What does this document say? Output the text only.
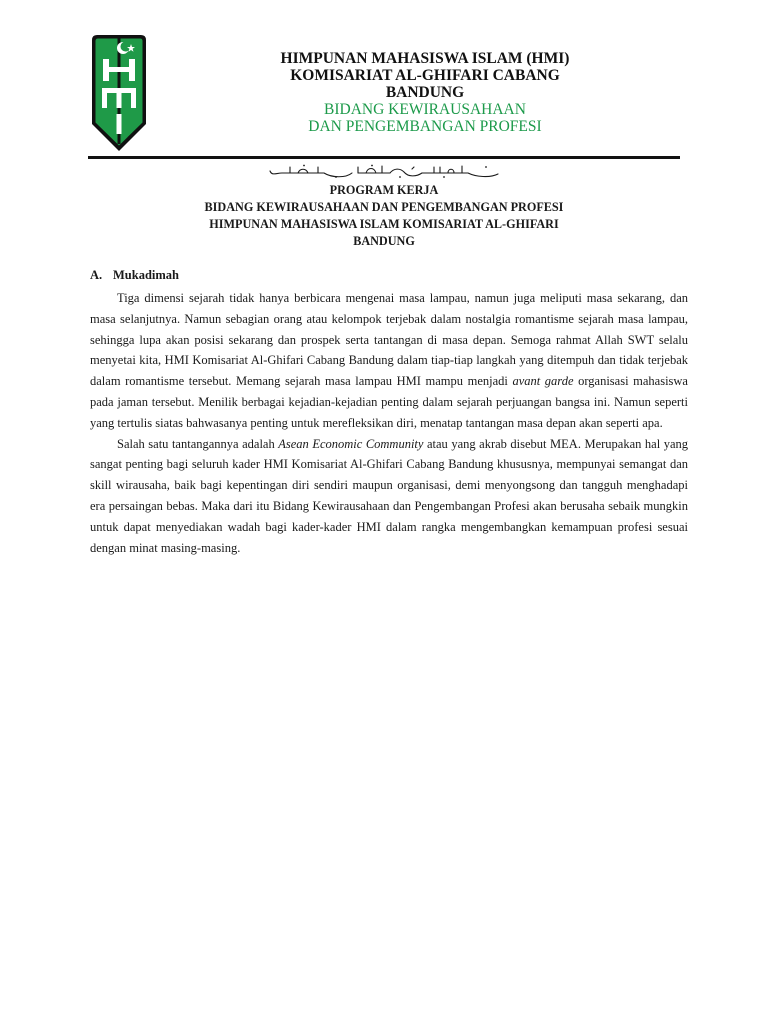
HIMPUNAN MAHASISWA ISLAM (HMI)
KOMISARIAT AL-GHIFARI CABANG
BANDUNG
BIDANG KEWIRAUSAHAAN
DAN PENGEMBANGAN PROFESI
PROGRAM KERJA
BIDANG KEWIRAUSAHAAN DAN PENGEMBANGAN PROFESI
HIMPUNAN MAHASISWA ISLAM KOMISARIAT AL-GHIFARI
BANDUNG
A. Mukadimah

Tiga dimensi sejarah tidak hanya berbicara mengenai masa lampau, namun juga meliputi masa sekarang, dan masa selanjutnya. Namun sebagian orang atau kelompok terjebak dalam nostalgia romantisme sejarah masa lampau, sehingga lupa akan posisi sekarang dan prospek serta tantangan di masa depan. Semoga rahmat Allah SWT selalu menyetai kita, HMI Komisariat Al-Ghifari Cabang Bandung dalam tiap-tiap langkah yang ditempuh dan tidak terjebak dalam romantisme tersebut. Memang sejarah masa lampau HMI mampu menjadi avant garde organisasi mahasiswa pada jaman tersebut. Menilik berbagai kejadian-kejadian penting dalam sejarah perjuangan bangsa ini. Namun seperti yang tertulis siatas bahwasanya penting untuk merefleksikan diri, menatap tantangan masa depan akan seperti apa.

Salah satu tantangannya adalah Asean Economic Community atau yang akrab disebut MEA. Merupakan hal yang sangat penting bagi seluruh kader HMI Komisariat Al-Ghifari Cabang Bandung khususnya, mempunyai semangat dan skill wirausaha, baik bagi kepentingan diri sendiri maupun organisasi, demi menyongsong dan tangguh menghadapi era persaingan bebas. Maka dari itu Bidang Kewirausahaan dan Pengembangan Profesi akan berusaha sebaik mungkin untuk dapat menyediakan wadah bagi kader-kader HMI dalam rangka mengembangkan kemampuan profesi sesuai dengan minat masing-masing.
